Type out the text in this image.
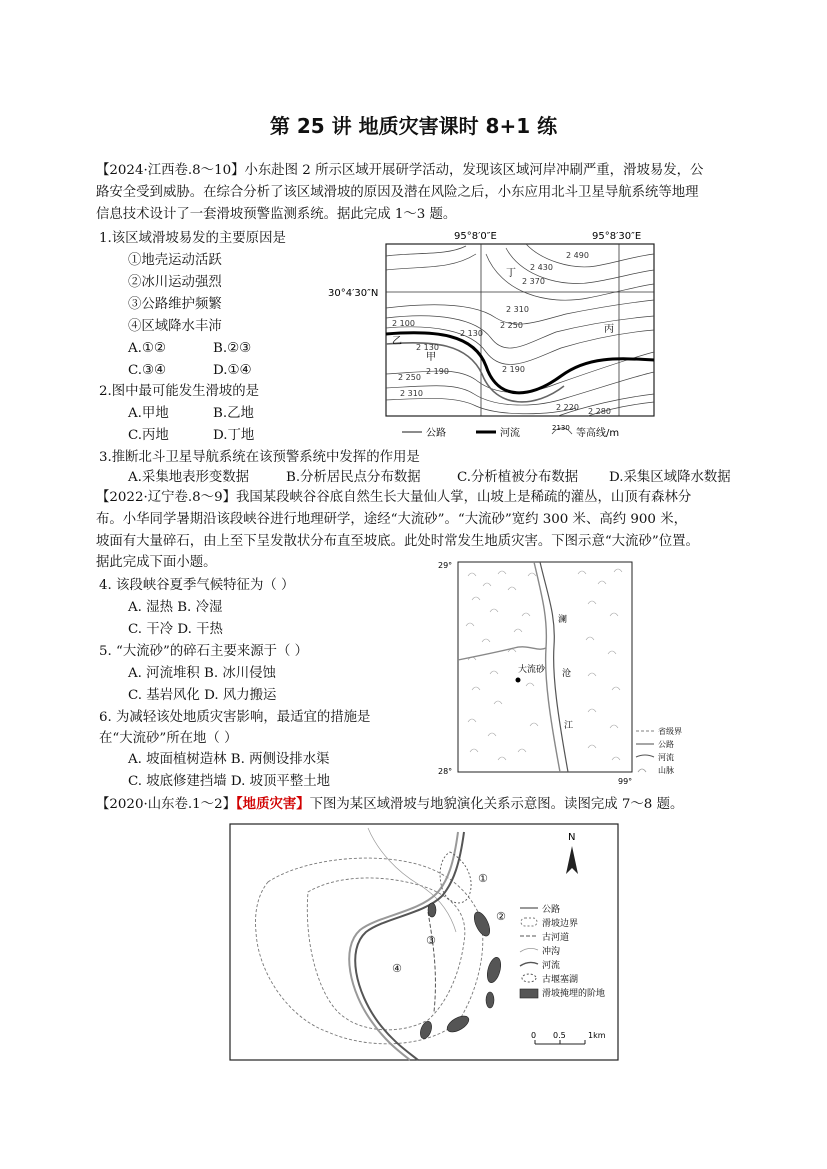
第 25 讲 地质灾害课时 8+1 练
【2024·江西卷.8～10】小东赴图 2 所示区域开展研学活动，发现该区域河岸冲刷严重，滑坡易发，公
路安全受到威胁。在综合分析了该区域滑坡的原因及潜在风险之后，小东应用北斗卫星导航系统等地理
信息技术设计了一套滑坡预警监测系统。据此完成 1～3 题。
1.该区域滑坡易发的主要原因是
①地壳运动活跃
②冰川运动强烈
③公路维护频繁
④区域降水丰沛
A.①②	B.②③
C.③④	D.①④
2.图中最可能发生滑坡的是
A.甲地	B.乙地
C.丙地	D.丁地
3.推断北斗卫星导航系统在该预警系统中发挥的作用是
A.采集地表形变数据	B.分析居民点分布数据	C.分析植被分布数据 D.采集区域降水数据
95°8′0″E	95°8′30″E
30°4′30″N
丁
丙
甲
乙
2 490
2 430
2 370
2 310
2 250
2 190
2 130
2 100
2 130
2 190
2 250
2 310
2 220 2 280
公路	河流	2130 等高线/m
【2022·辽宁卷.8～9】我国某段峡谷谷底自然生长大量仙人掌，山坡上是稀疏的灌丛，山顶有森林分
布。小华同学暑期沿该段峡谷进行地理研学，途经“大流砂”。“大流砂”宽约 300 米、高约 900 米，
坡面有大量碎石，由上至下呈发散状分布直至坡底。此处时常发生地质灾害。下图示意“大流砂”位置。
据此完成下面小题。
4. 该段峡谷夏季气候特征为（ ）
A. 湿热 B. 冷湿
C. 干冷 D. 干热
5. “大流砂”的碎石主要来源于（ ）
A. 河流堆积 B. 冰川侵蚀
C. 基岩风化 D. 风力搬运
6. 为减轻该处地质灾害影响，最适宜的措施是
在“大流砂”所在地（ ）
A. 坡面植树造林 B. 两侧设排水渠
C. 坡底修建挡墙 D. 坡顶平整土地
29°
28°
99°
大流砂
澜
沧
江
省级界
公路
河流
山脉
【2020·山东卷.1～2】【地质灾害】下图为某区域滑坡与地貌演化关系示意图。读图完成 7～8 题。
①
②
③
④
N
公路
滑坡边界
古河道
冲沟
河流
古堰塞湖
滑坡掩埋的阶地
0 0.5	1km
